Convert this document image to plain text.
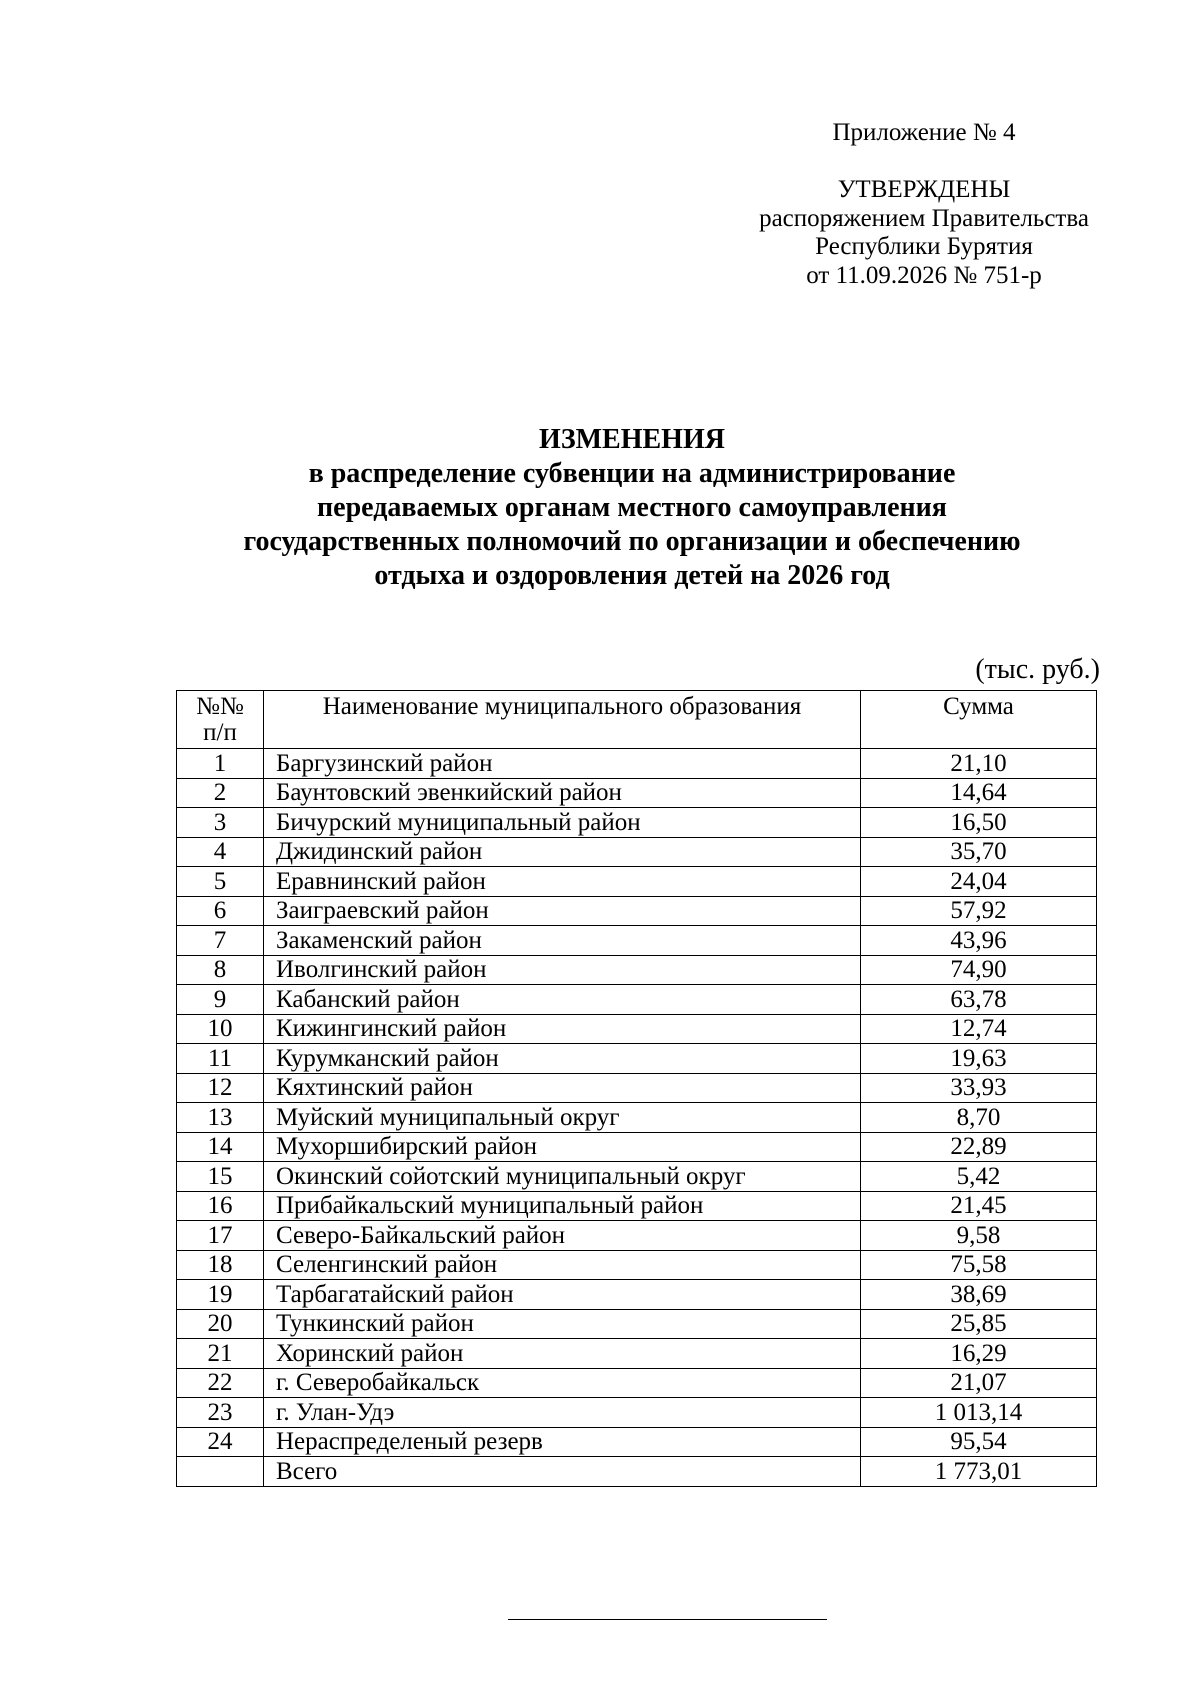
Приложение № 4
УТВЕРЖДЕНЫ
распоряжением Правительства
Республики Бурятия
от 11.09.2026 № 751-р
ИЗМЕНЕНИЯ
в распределение субвенции на администрирование
передаваемых органам местного самоуправления
государственных полномочий по организации и обеспечению
отдыха и оздоровления детей на 2026 год
(тыс. руб.)
№№
п/п	Наименование муниципального образования	Сумма
1	Баргузинский район	21,10
2	Баунтовский эвенкийский район	14,64
3	Бичурский муниципальный район	16,50
4	Джидинский район	35,70
5	Еравнинский район	24,04
6	Заиграевский район	57,92
7	Закаменский район	43,96
8	Иволгинский район	74,90
9	Кабанский район	63,78
10	Кижингинский район	12,74
11	Курумканский район	19,63
12	Кяхтинский район	33,93
13	Муйский муниципальный округ	8,70
14	Мухоршибирский район	22,89
15	Окинский сойотский муниципальный округ	5,42
16	Прибайкальский муниципальный район	21,45
17	Северо-Байкальский район	9,58
18	Селенгинский район	75,58
19	Тарбагатайский район	38,69
20	Тункинский район	25,85
21	Хоринский район	16,29
22	г. Северобайкальск	21,07
23	г. Улан-Удэ	1 013,14
24	Нераспределеный резерв	95,54
	Всего	1 773,01
